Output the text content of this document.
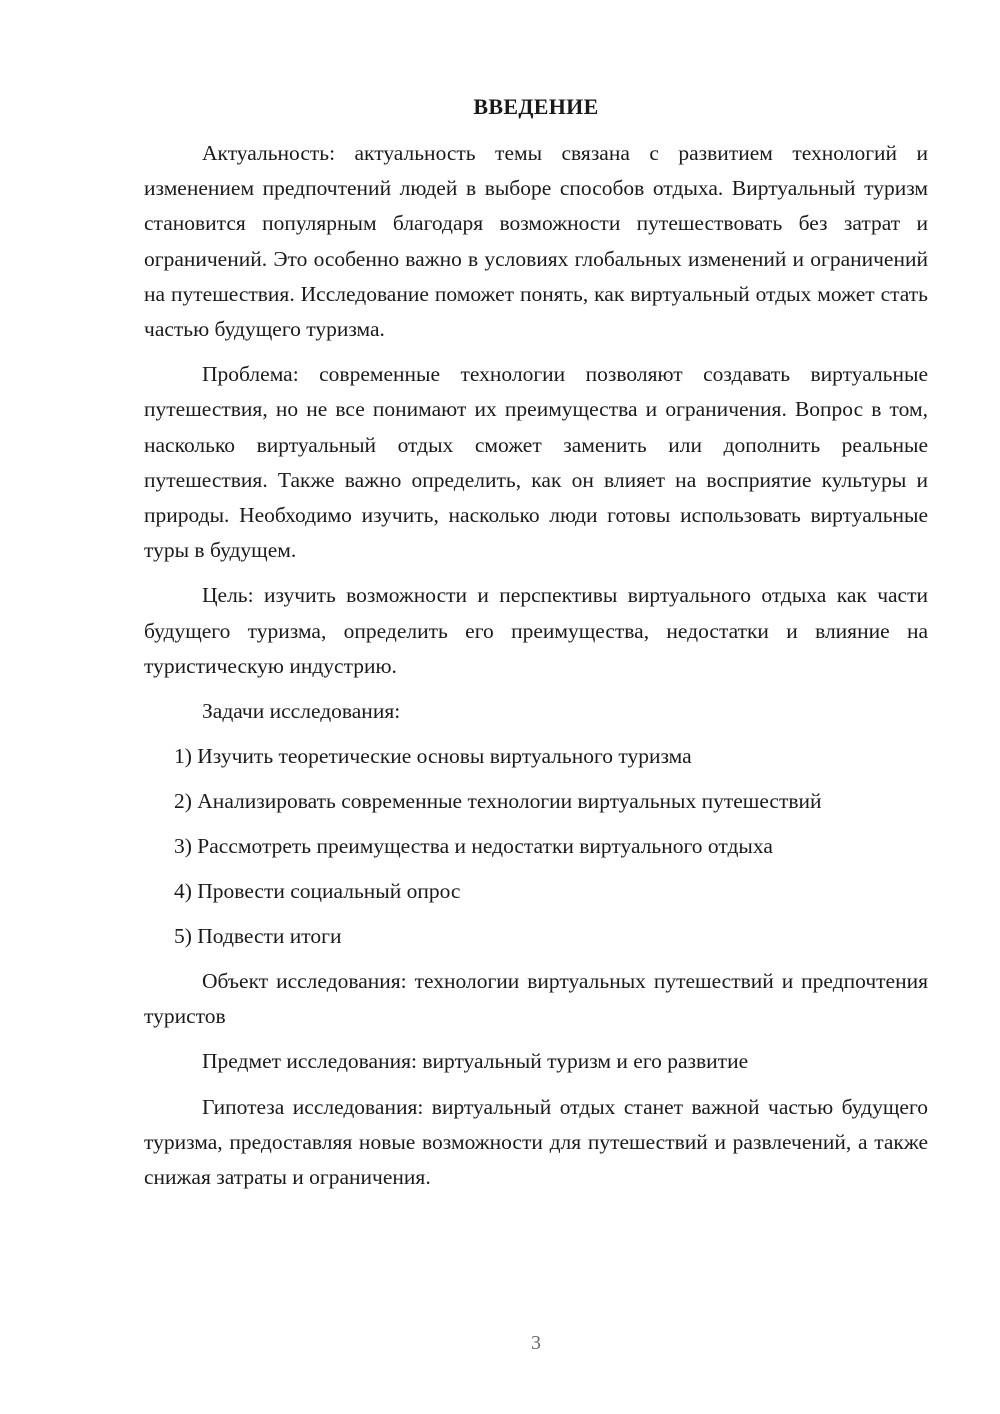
ВВЕДЕНИЕ

Актуальность: актуальность темы связана с развитием технологий и изменением предпочтений людей в выборе способов отдыха. Виртуальный туризм становится популярным благодаря возможности путешествовать без затрат и ограничений. Это особенно важно в условиях глобальных изменений и ограничений на путешествия. Исследование поможет понять, как виртуальный отдых может стать частью будущего туризма.

Проблема: современные технологии позволяют создавать виртуальные путешествия, но не все понимают их преимущества и ограничения. Вопрос в том, насколько виртуальный отдых сможет заменить или дополнить реальные путешествия. Также важно определить, как он влияет на восприятие культуры и природы. Необходимо изучить, насколько люди готовы использовать виртуальные туры в будущем.

Цель: изучить возможности и перспективы виртуального отдыха как части будущего туризма, определить его преимущества, недостатки и влияние на туристическую индустрию.

Задачи исследования:

1) Изучить теоретические основы виртуального туризма
2) Анализировать современные технологии виртуальных путешествий
3) Рассмотреть преимущества и недостатки виртуального отдыха
4) Провести социальный опрос
5) Подвести итоги

Объект исследования: технологии виртуальных путешествий и предпочтения туристов

Предмет исследования: виртуальный туризм и его развитие

Гипотеза исследования: виртуальный отдых станет важной частью будущего туризма, предоставляя новые возможности для путешествий и развлечений, а также снижая затраты и ограничения.

3
